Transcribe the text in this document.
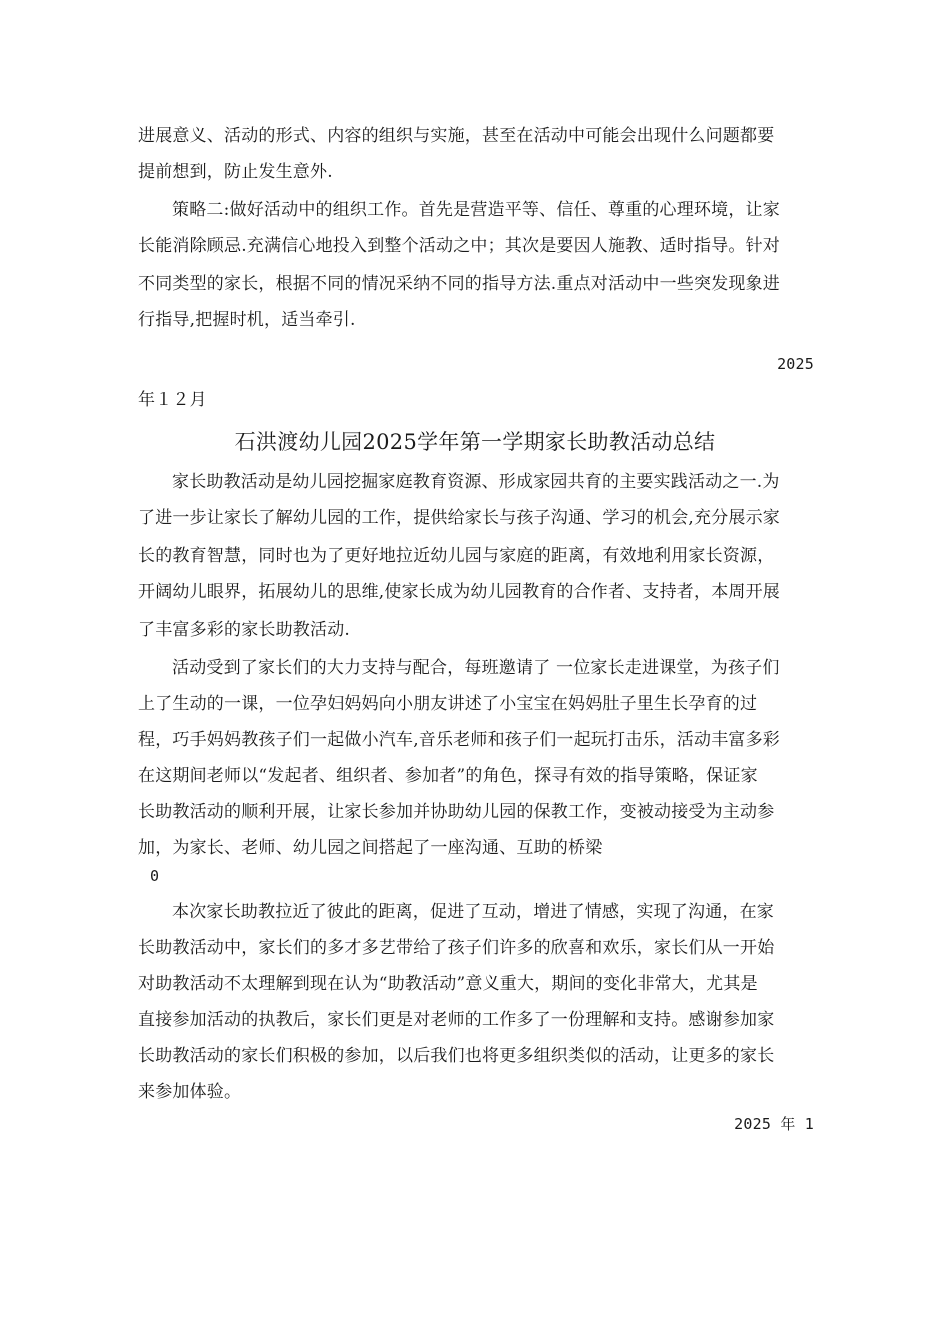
进展意义、活动的形式、内容的组织与实施，甚至在活动中可能会出现什么问题都要
提前想到，防止发生意外.
策略二:做好活动中的组织工作。首先是营造平等、信任、尊重的心理环境，让家
长能消除顾忌.充满信心地投入到整个活动之中；其次是要因人施教、适时指导。针对
不同类型的家长，根据不同的情况采纳不同的指导方法.重点对活动中一些突发现象进
行指导,把握时机，适当牵引.
2025
年１２月
石洪渡幼儿园2025学年第一学期家长助教活动总结
家长助教活动是幼儿园挖掘家庭教育资源、形成家园共育的主要实践活动之一.为
了进一步让家长了解幼儿园的工作，提供给家长与孩子沟通、学习的机会,充分展示家
长的教育智慧，同时也为了更好地拉近幼儿园与家庭的距离，有效地利用家长资源，
开阔幼儿眼界，拓展幼儿的思维,使家长成为幼儿园教育的合作者、支持者，本周开展
了丰富多彩的家长助教活动.
活动受到了家长们的大力支持与配合，每班邀请了 一位家长走进课堂，为孩子们
上了生动的一课，一位孕妇妈妈向小朋友讲述了小宝宝在妈妈肚子里生长孕育的过
程，巧手妈妈教孩子们一起做小汽车,音乐老师和孩子们一起玩打击乐，活动丰富多彩
在这期间老师以“发起者、组织者、参加者”的角色，探寻有效的指导策略，保证家
长助教活动的顺利开展，让家长参加并协助幼儿园的保教工作，变被动接受为主动参
加，为家长、老师、幼儿园之间搭起了一座沟通、互助的桥梁
0
本次家长助教拉近了彼此的距离，促进了互动，增进了情感，实现了沟通，在家
长助教活动中，家长们的多才多艺带给了孩子们许多的欣喜和欢乐，家长们从一开始
对助教活动不太理解到现在认为“助教活动”意义重大，期间的变化非常大，尤其是
直接参加活动的执教后，家长们更是对老师的工作多了一份理解和支持。感谢参加家
长助教活动的家长们积极的参加，以后我们也将更多组织类似的活动，让更多的家长
来参加体验。
2025 年 1
